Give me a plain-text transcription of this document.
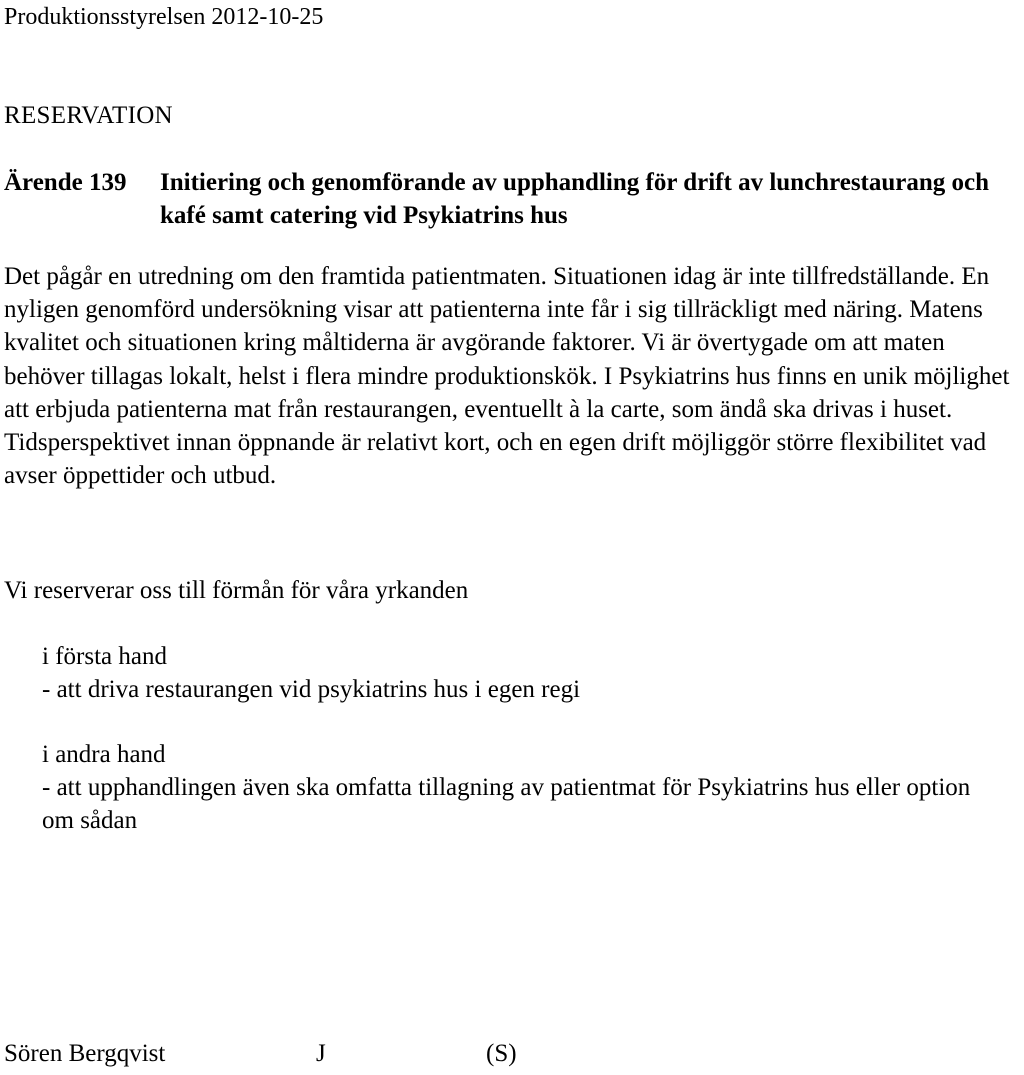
Produktionsstyrelsen 2012-10-25
RESERVATION
Ärende 139 Initiering och genomförande av upphandling för drift av lunchrestaurang och kafé samt catering vid Psykiatrins hus

Det pågår en utredning om den framtida patientmaten. Situationen idag är inte tillfredställande. En nyligen genomförd undersökning visar att patienterna inte får i sig tillräckligt med näring. Matens kvalitet och situationen kring måltiderna är avgörande faktorer. Vi är övertygade om att maten behöver tillagas lokalt, helst i flera mindre produktionskök. I Psykiatrins hus finns en unik möjlighet att erbjuda patienterna mat från restaurangen, eventuellt à la carte, som ändå ska drivas i huset. Tidsperspektivet innan öppnande är relativt kort, och en egen drift möjliggör större flexibilitet vad avser öppettider och utbud.

Vi reserverar oss till förmån för våra yrkanden

i första hand
- att driva restaurangen vid psykiatrins hus i egen regi
i andra hand
- att upphandlingen även ska omfatta tillagning av patientmat för Psykiatrins hus eller option om sådan
Sören Bergqvist	J	(S)
